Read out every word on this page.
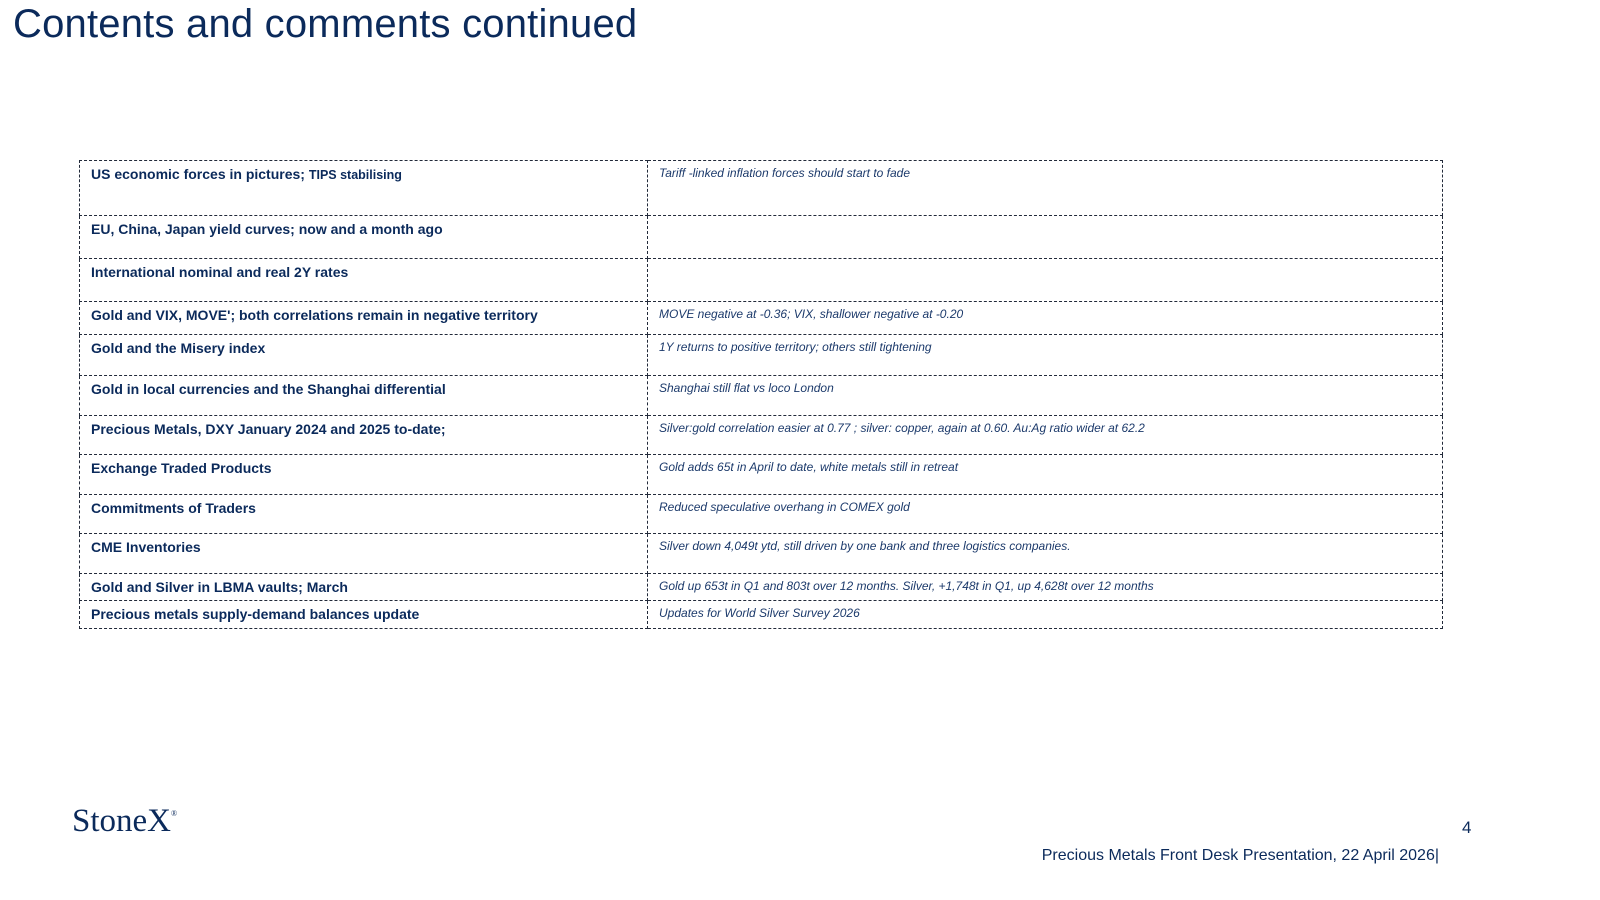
Contents and comments continued
US economic forces in pictures; TIPS stabilising	Tariff -linked inflation forces should start to fade
EU, China, Japan yield curves; now and a month ago	
International nominal and real 2Y rates	
Gold and VIX, MOVE'; both correlations remain in negative territory	MOVE negative at -0.36; VIX, shallower negative at -0.20
Gold and the Misery index	1Y returns to positive territory; others still tightening
Gold in local currencies and the Shanghai differential	Shanghai still flat vs loco London
Precious Metals, DXY January 2024 and 2025 to-date;	Silver:gold correlation easier at 0.77 ; silver: copper, again at 0.60. Au:Ag ratio wider at 62.2
Exchange Traded Products	Gold adds 65t in April to date, white metals still in retreat
Commitments of Traders	Reduced speculative overhang in COMEX gold
CME Inventories	Silver down 4,049t ytd, still driven by one bank and three logistics companies.
Gold and Silver in LBMA vaults; March	Gold up 653t in Q1 and 803t over 12 months. Silver, +1,748t in Q1, up 4,628t over 12 months
Precious metals supply-demand balances update	Updates for World Silver Survey 2026
StoneX®
4
Precious Metals Front Desk Presentation, 22 April 2026|
